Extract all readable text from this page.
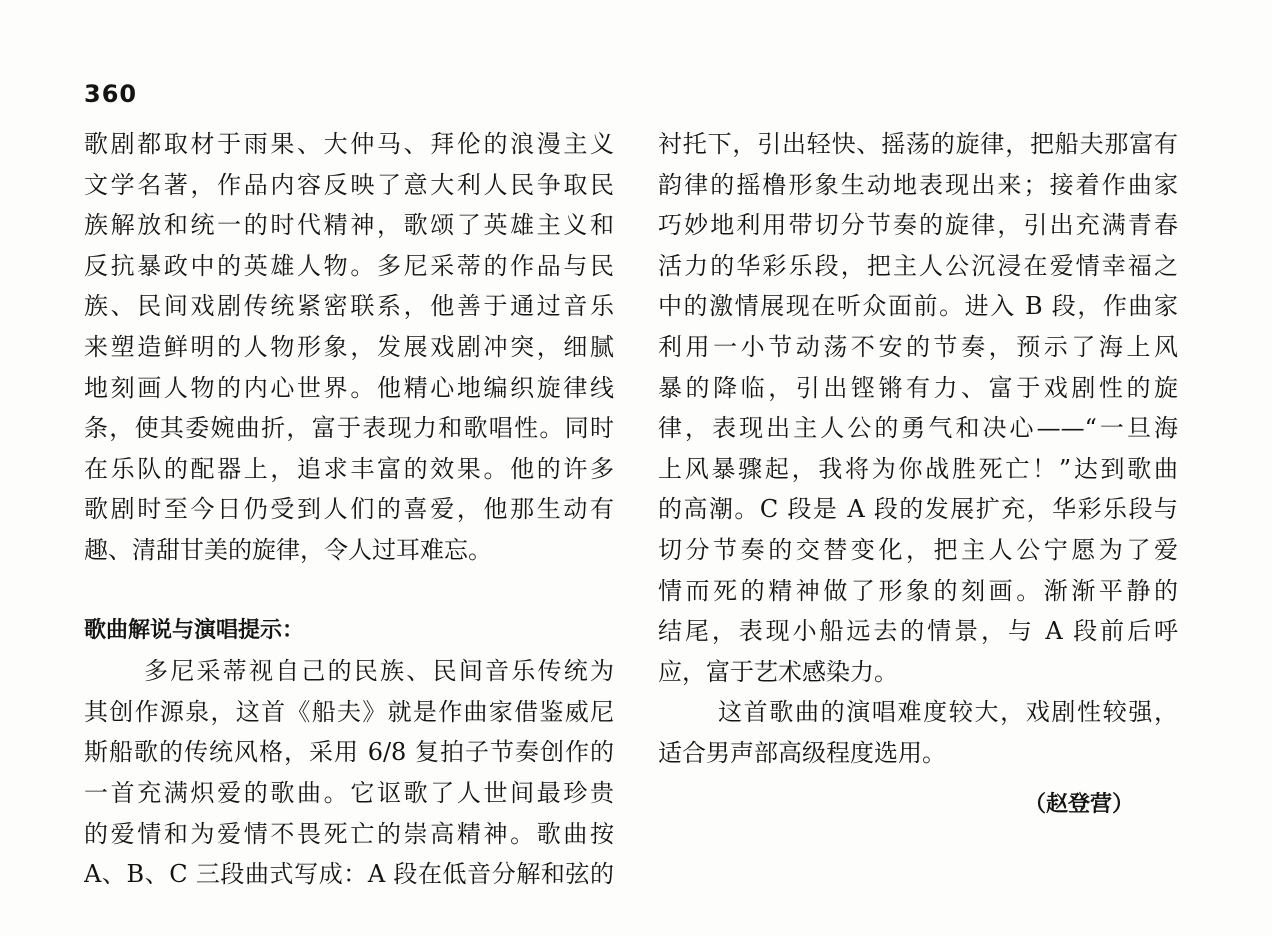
360
歌剧都取材于雨果、大仲马、拜伦的浪漫主义
文学名著，作品内容反映了意大利人民争取民
族解放和统一的时代精神，歌颂了英雄主义和
反抗暴政中的英雄人物。多尼采蒂的作品与民
族、民间戏剧传统紧密联系，他善于通过音乐
来塑造鲜明的人物形象，发展戏剧冲突，细腻
地刻画人物的内心世界。他精心地编织旋律线
条，使其委婉曲折，富于表现力和歌唱性。同时
在乐队的配器上，追求丰富的效果。他的许多
歌剧时至今日仍受到人们的喜爱，他那生动有
趣、清甜甘美的旋律，令人过耳难忘。
歌曲解说与演唱提示：
多尼采蒂视自己的民族、民间音乐传统为
其创作源泉，这首《船夫》就是作曲家借鉴威尼
斯船歌的传统风格，采用 6/8 复拍子节奏创作的
一首充满炽爱的歌曲。它讴歌了人世间最珍贵
的爱情和为爱情不畏死亡的崇高精神。歌曲按
A、B、C 三段曲式写成：A 段在低音分解和弦的
衬托下，引出轻快、摇荡的旋律，把船夫那富有
韵律的摇橹形象生动地表现出来；接着作曲家
巧妙地利用带切分节奏的旋律，引出充满青春
活力的华彩乐段，把主人公沉浸在爱情幸福之
中的激情展现在听众面前。进入 B 段，作曲家
利用一小节动荡不安的节奏，预示了海上风
暴的降临，引出铿锵有力、富于戏剧性的旋
律，表现出主人公的勇气和决心——“一旦海
上风暴骤起，我将为你战胜死亡！”达到歌曲
的高潮。C 段是 A 段的发展扩充，华彩乐段与
切分节奏的交替变化，把主人公宁愿为了爱
情而死的精神做了形象的刻画。渐渐平静的
结尾，表现小船远去的情景，与 A 段前后呼
应，富于艺术感染力。
这首歌曲的演唱难度较大，戏剧性较强，
适合男声部高级程度选用。
（赵登营）
